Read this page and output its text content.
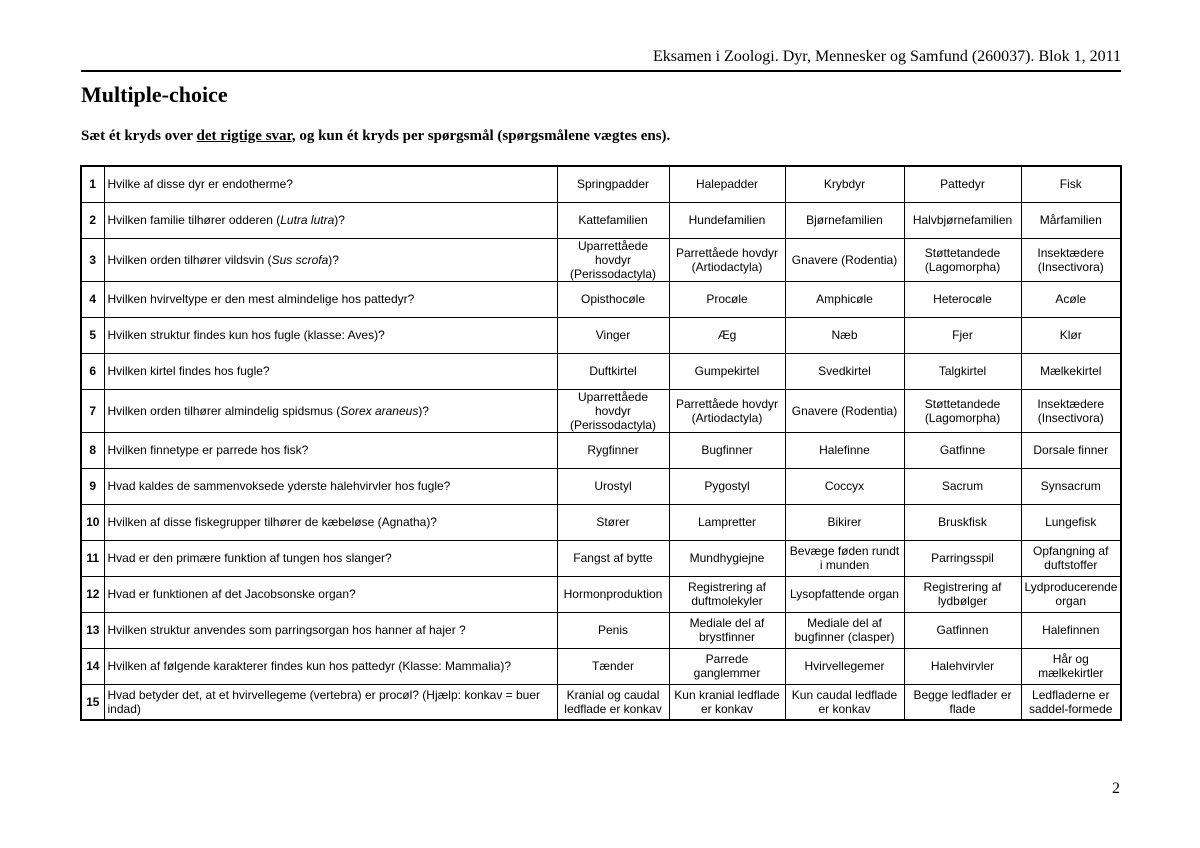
Eksamen i Zoologi. Dyr, Mennesker og Samfund (260037). Blok 1, 2011
Multiple-choice
Sæt ét kryds over det rigtige svar, og kun ét kryds per spørgsmål (spørgsmålene vægtes ens).
1	Hvilke af disse dyr er endotherme?	Springpadder	Halepadder	Krybdyr	Pattedyr	Fisk
2	Hvilken familie tilhører odderen (Lutra lutra)?	Kattefamilien	Hundefamilien	Bjørnefamilien	Halvbjørnefamilien	Mårfamilien
3	Hvilken orden tilhører vildsvin (Sus scrofa)?	Uparrettåede hovdyr (Perissodactyla)	Parrettåede hovdyr (Artiodactyla)	Gnavere (Rodentia)	Støttetandede (Lagomorpha)	Insektædere (Insectivora)
4	Hvilken hvirveltype er den mest almindelige hos pattedyr?	Opisthocøle	Procøle	Amphicøle	Heterocøle	Acøle
5	Hvilken struktur findes kun hos fugle (klasse: Aves)?	Vinger	Æg	Næb	Fjer	Klør
6	Hvilken kirtel findes hos fugle?	Duftkirtel	Gumpekirtel	Svedkirtel	Talgkirtel	Mælkekirtel
7	Hvilken orden tilhører almindelig spidsmus (Sorex araneus)?	Uparrettåede hovdyr (Perissodactyla)	Parrettåede hovdyr (Artiodactyla)	Gnavere (Rodentia)	Støttetandede (Lagomorpha)	Insektædere (Insectivora)
8	Hvilken finnetype er parrede hos fisk?	Rygfinner	Bugfinner	Halefinne	Gatfinne	Dorsale finner
9	Hvad kaldes de sammenvoksede yderste halehvirvler hos fugle?	Urostyl	Pygostyl	Coccyx	Sacrum	Synsacrum
10	Hvilken af disse fiskegrupper tilhører de kæbeløse (Agnatha)?	Stører	Lampretter	Bikirer	Bruskfisk	Lungefisk
11	Hvad er den primære funktion af tungen hos slanger?	Fangst af bytte	Mundhygiejne	Bevæge føden rundt i munden	Parringsspil	Opfangning af duftstoffer
12	Hvad er funktionen af det Jacobsonske organ?	Hormonproduktion	Registrering af duftmolekyler	Lysopfattende organ	Registrering af lydbølger	Lydproducerende organ
13	Hvilken struktur anvendes som parringsorgan hos hanner af hajer ?	Penis	Mediale del af brystfinner	Mediale del af bugfinner (clasper)	Gatfinnen	Halefinnen
14	Hvilken af følgende karakterer findes kun hos pattedyr (Klasse: Mammalia)?	Tænder	Parrede ganglemmer	Hvirvellegemer	Halehvirvler	Hår og mælkekirtler
15	Hvad betyder det, at et hvirvellegeme (vertebra) er procøl? (Hjælp: konkav = buer indad)	Kranial og caudal ledflade er konkav	Kun kranial ledflade er konkav	Kun caudal ledflade er konkav	Begge ledflader er flade	Ledfladerne er saddel-formede
2
